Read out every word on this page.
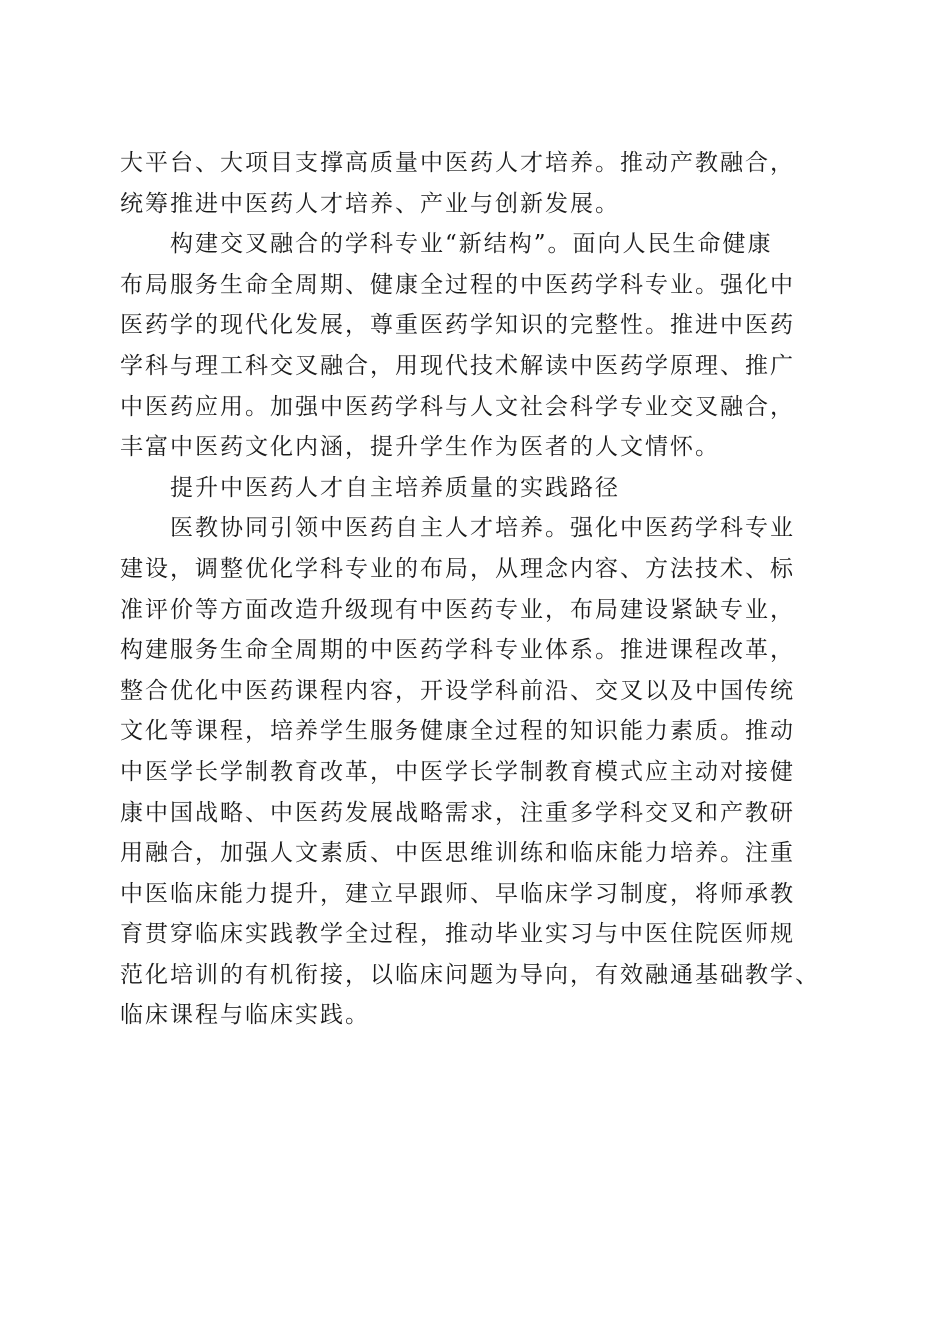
大平台、大项目支撑高质量中医药人才培养。推动产教融合，
统筹推进中医药人才培养、产业与创新发展。
构建交叉融合的学科专业“新结构”。面向人民生命健康
布局服务生命全周期、健康全过程的中医药学科专业。强化中
医药学的现代化发展，尊重医药学知识的完整性。推进中医药
学科与理工科交叉融合，用现代技术解读中医药学原理、推广
中医药应用。加强中医药学科与人文社会科学专业交叉融合，
丰富中医药文化内涵，提升学生作为医者的人文情怀。
提升中医药人才自主培养质量的实践路径
医教协同引领中医药自主人才培养。强化中医药学科专业
建设，调整优化学科专业的布局，从理念内容、方法技术、标
准评价等方面改造升级现有中医药专业，布局建设紧缺专业，
构建服务生命全周期的中医药学科专业体系。推进课程改革，
整合优化中医药课程内容，开设学科前沿、交叉以及中国传统
文化等课程，培养学生服务健康全过程的知识能力素质。推动
中医学长学制教育改革，中医学长学制教育模式应主动对接健
康中国战略、中医药发展战略需求，注重多学科交叉和产教研
用融合，加强人文素质、中医思维训练和临床能力培养。注重
中医临床能力提升，建立早跟师、早临床学习制度，将师承教
育贯穿临床实践教学全过程，推动毕业实习与中医住院医师规
范化培训的有机衔接，以临床问题为导向，有效融通基础教学、
临床课程与临床实践。
